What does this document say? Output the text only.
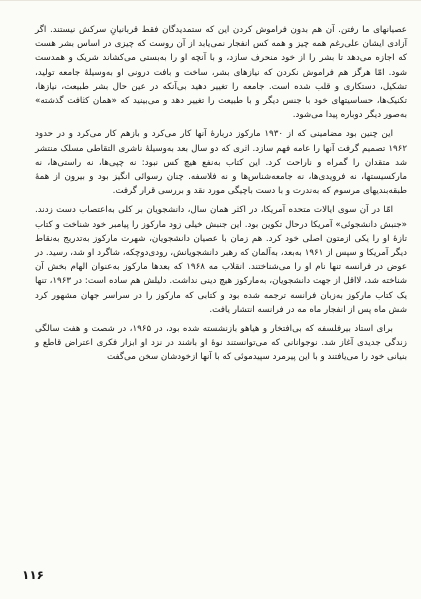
عصیانهای ما رفتن. آن هم بدون فراموش کردن این که ستمدیدگان فقط قربانیانِ سرکش نیستند. اگر آزادی ایشان علی‌رغم همه چیز و همه کس انفجار نمی‌یابد از آن روست که چیزی در اساس بشر هست که اجازه می‌دهد تا بشر را از خود منحرف سازد، و با آنچه او را به‌بستی می‌کشاند شریک و همدست شود. امّا هرگز هم فراموش نکردن که نیازهای بشر، ساخت و بافت درونی او به‌وسیلهٔ جامعه تولید، تشکیل، دستکاری و قلب شده است. جامعه را تغییر دهید بی‌آنکه در عین حال بشر طبیعت، نیازها، تکنیک‌ها، حساسیتهای خود با جنس دیگر و با طبیعت را تغییر دهد و می‌بینید که «همان کثافت گذشته» به‌صور دیگر دوباره پیدا می‌شود.

این چنین بود مضامینی که از ۱۹۳۰ مارکوز دربارهٔ آنها کار می‌کرد و بازهم کار می‌کرد و در حدود ۱۹۶۲ تصمیم گرفت آنها را عامه فهم سازد. اثری که دو سال بعد به‌وسیلهٔ ناشری التقاطی مسلک منتشر شد متقدان را گمراه و ناراحت کرد. این کتاب به‌نفع هیچ کس نبود: نه چپی‌ها، نه راستی‌ها، نه مارکسیستها، نه فرویدی‌ها، نه جامعه‌شناس‌ها و نه فلاسفه. چنان رسوائی انگیز بود و بیرون از همهٔ طبقه‌بندیهای مرسوم که به‌ندرت و با دست باچیگی مورد نقد و بررسی قرار گرفت.

امّا در آن سوی ایالات متحده آمریکا، در اکثر همان سال، دانشجویان بر کلی به‌اعتصاب دست زدند. «جنبش دانشجوئی» آمریکا درحال تکوین بود. این جنبش خیلی زود مارکوز را پیامبر خود شناخت و کتاب تازهٔ او را یکی ازمتون اصلی خود کرد. هم زمان با عصیان دانشجویان، شهرت مارکوز به‌تدریج به‌نقاط دیگر آمریکا و سپس از ۱۹۶۱ به‌بعد، به‌آلمان که رهبر دانشجویانش، رودی‌دوچکه، شاگرد او شد، رسید. در عوض در فرانسه تنها نام او را می‌شناختند. انقلاب مه ۱۹۶۸ که بعدها مارکوز به‌عنوان الهام بخش آن شناخته شد، لااقل از جهت دانشجویان، به‌مارکوز هیچ دینی نداشت. دلیلش هم ساده است: در ۱۹۶۳، تنها یک کتاب مارکوز به‌زبان فرانسه ترجمه شده بود و کتابی که مارکوز را در سراسر جهان مشهور کرد شش ماه پس از انفجار ماه مه در فرانسه انتشار یافت.

برای استاد بیرفلسفه که بی‌افتخار و هیاهو بازنشسته شده بود، در ۱۹۶۵، در شصت و هفت سالگی زندگی جدیدی آغاز شد. نوجوانانی که می‌توانستند نوهٔ او باشند در نزد او ابزار فکری اعتراض قاطع و بنیانی خود را می‌یافتند و با این پیرمرد سپیدموئی که با آنها ازخودشان سخن می‌گفت

۱۱۶
